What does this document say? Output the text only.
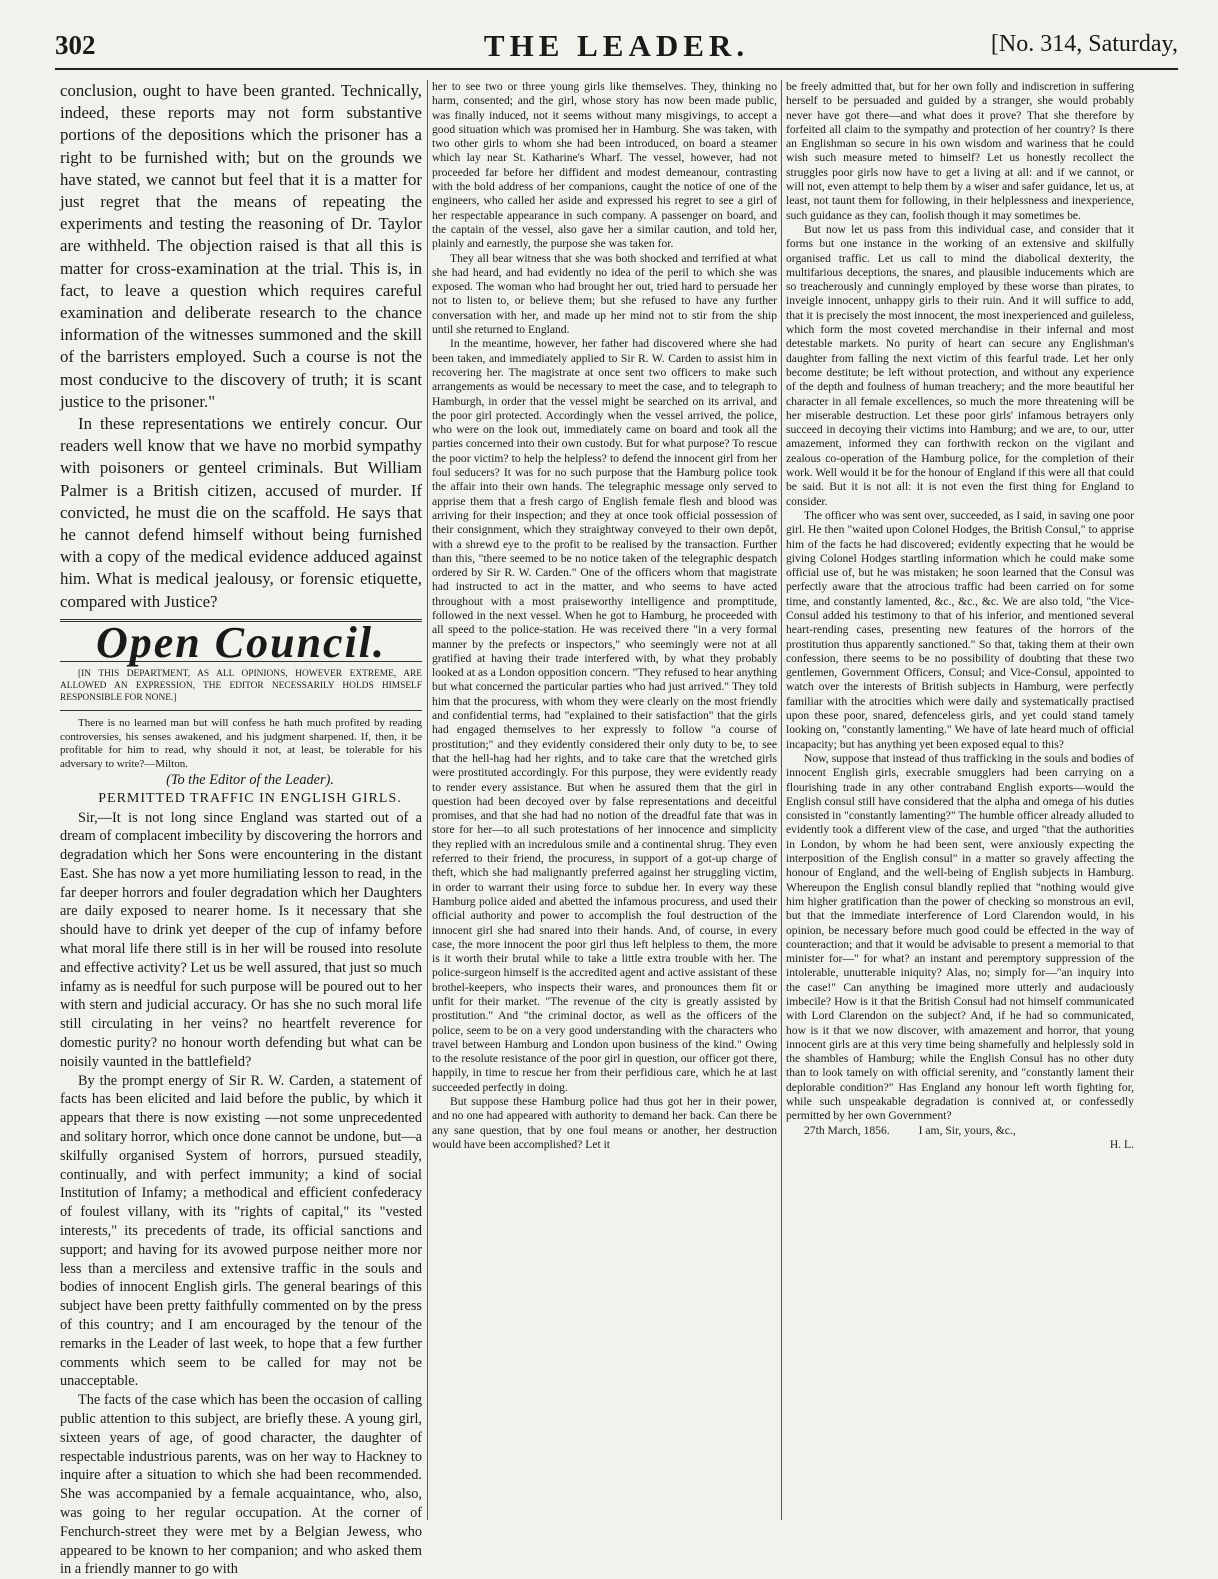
302	THE LEADER.	[No. 314, Saturday,

conclusion, ought to have been granted. Technically, indeed, these reports may not form substantive portions of the depositions which the prisoner has a right to be furnished with; but on the grounds we have stated, we cannot but feel that it is a matter for just regret that the means of repeating the experiments and testing the reasoning of Dr. Taylor are withheld. The objection raised is that all this is matter for cross-examination at the trial. This is, in fact, to leave a question which requires careful examination and deliberate research to the chance information of the witnesses summoned and the skill of the barristers employed. Such a course is not the most conducive to the discovery of truth; it is scant justice to the prisoner."

In these representations we entirely concur. Our readers well know that we have no morbid sympathy with poisoners or genteel criminals. But William Palmer is a British citizen, accused of murder. If convicted, he must die on the scaffold. He says that he cannot defend himself without being furnished with a copy of the medical evidence adduced against him. What is medical jealousy, or forensic etiquette, compared with Justice?

Open Council.

[IN THIS DEPARTMENT, AS ALL OPINIONS, HOWEVER EXTREME, ARE ALLOWED AN EXPRESSION, THE EDITOR NECESSARILY HOLDS HIMSELF RESPONSIBLE FOR NONE.]

There is no learned man but will confess he hath much profited by reading controversies, his senses awakened, and his judgment sharpened. If, then, it be profitable for him to read, why should it not, at least, be tolerable for his adversary to write?—Milton.

(To the Editor of the Leader).

PERMITTED TRAFFIC IN ENGLISH GIRLS.

Sir,—It is not long since England was started out of a dream of complacent imbecility by discovering the horrors and degradation which her Sons were encountering in the distant East. She has now a yet more humiliating lesson to read, in the far deeper horrors and fouler degradation which her Daughters are daily exposed to nearer home. Is it necessary that she should have to drink yet deeper of the cup of infamy before what moral life there still is in her will be roused into resolute and effective activity? Let us be well assured, that just so much infamy as is needful for such purpose will be poured out to her with stern and judicial accuracy. Or has she no such moral life still circulating in her veins? no heartfelt reverence for domestic purity? no honour worth defending but what can be noisily vaunted in the battlefield?

By the prompt energy of Sir R. W. Carden, a statement of facts has been elicited and laid before the public, by which it appears that there is now existing —not some unprecedented and solitary horror, which once done cannot be undone, but—a skilfully organised System of horrors, pursued steadily, continually, and with perfect immunity; a kind of social Institution of Infamy; a methodical and efficient confederacy of foulest villany, with its "rights of capital," its "vested interests," its precedents of trade, its official sanctions and support; and having for its avowed purpose neither more nor less than a merciless and extensive traffic in the souls and bodies of innocent English girls. The general bearings of this subject have been pretty faithfully commented on by the press of this country; and I am encouraged by the tenour of the remarks in the Leader of last week, to hope that a few further comments which seem to be called for may not be unacceptable.

The facts of the case which has been the occasion of calling public attention to this subject, are briefly these. A young girl, sixteen years of age, of good character, the daughter of respectable industrious parents, was on her way to Hackney to inquire after a situation to which she had been recommended. She was accompanied by a female acquaintance, who, also, was going to her regular occupation. At the corner of Fenchurch-street they were met by a Belgian Jewess, who appeared to be known to her companion; and who asked them in a friendly manner to go with

her to see two or three young girls like themselves. They, thinking no harm, consented; and the girl, whose story has now been made public, was finally induced, not it seems without many misgivings, to accept a good situation which was promised her in Hamburg. She was taken, with two other girls to whom she had been introduced, on board a steamer which lay near St. Katharine's Wharf. The vessel, however, had not proceeded far before her diffident and modest demeanour, contrasting with the bold address of her companions, caught the notice of one of the engineers, who called her aside and expressed his regret to see a girl of her respectable appearance in such company. A passenger on board, and the captain of the vessel, also gave her a similar caution, and told her, plainly and earnestly, the purpose she was taken for.

They all bear witness that she was both shocked and terrified at what she had heard, and had evidently no idea of the peril to which she was exposed. The woman who had brought her out, tried hard to persuade her not to listen to, or believe them; but she refused to have any further conversation with her, and made up her mind not to stir from the ship until she returned to England.

In the meantime, however, her father had discovered where she had been taken, and immediately applied to Sir R. W. Carden to assist him in recovering her. The magistrate at once sent two officers to make such arrangements as would be necessary to meet the case, and to telegraph to Hamburgh, in order that the vessel might be searched on its arrival, and the poor girl protected. Accordingly when the vessel arrived, the police, who were on the look out, immediately came on board and took all the parties concerned into their own custody. But for what purpose? To rescue the poor victim? to help the helpless? to defend the innocent girl from her foul seducers? It was for no such purpose that the Hamburg police took the affair into their own hands. The telegraphic message only served to apprise them that a fresh cargo of English female flesh and blood was arriving for their inspection; and they at once took official possession of their consignment, which they straightway conveyed to their own depôt, with a shrewd eye to the profit to be realised by the transaction. Further than this, "there seemed to be no notice taken of the telegraphic despatch ordered by Sir R. W. Carden." One of the officers whom that magistrate had instructed to act in the matter, and who seems to have acted throughout with a most praiseworthy intelligence and promptitude, followed in the next vessel. When he got to Hamburg, he proceeded with all speed to the police-station. He was received there "in a very formal manner by the prefects or inspectors," who seemingly were not at all gratified at having their trade interfered with, by what they probably looked at as a London opposition concern. "They refused to hear anything but what concerned the particular parties who had just arrived." They told him that the procuress, with whom they were clearly on the most friendly and confidential terms, had "explained to their satisfaction" that the girls had engaged themselves to her expressly to follow "a course of prostitution;" and they evidently considered their only duty to be, to see that the hell-hag had her rights, and to take care that the wretched girls were prostituted accordingly. For this purpose, they were evidently ready to render every assistance. But when he assured them that the girl in question had been decoyed over by false representations and deceitful promises, and that she had had no notion of the dreadful fate that was in store for her—to all such protestations of her innocence and simplicity they replied with an incredulous smile and a continental shrug. They even referred to their friend, the procuress, in support of a got-up charge of theft, which she had malignantly preferred against her struggling victim, in order to warrant their using force to subdue her. In every way these Hamburg police aided and abetted the infamous procuress, and used their official authority and power to accomplish the foul destruction of the innocent girl she had snared into their hands. And, of course, in every case, the more innocent the poor girl thus left helpless to them, the more is it worth their brutal while to take a little extra trouble with her. The police-surgeon himself is the accredited agent and active assistant of these brothel-keepers, who inspects their wares, and pronounces them fit or unfit for their market. "The revenue of the city is greatly assisted by prostitution." And "the criminal doctor, as well as the officers of the police, seem to be on a very good understanding with the characters who travel between Hamburg and London upon business of the kind." Owing to the resolute resistance of the poor girl in question, our officer got there, happily, in time to rescue her from their perfidious care, which he at last succeeded perfectly in doing.

But suppose these Hamburg police had thus got her in their power, and no one had appeared with authority to demand her back. Can there be any sane question, that by one foul means or another, her destruction would have been accomplished? Let it

be freely admitted that, but for her own folly and indiscretion in suffering herself to be persuaded and guided by a stranger, she would probably never have got there—and what does it prove? That she therefore by forfeited all claim to the sympathy and protection of her country? Is there an Englishman so secure in his own wisdom and wariness that he could wish such measure meted to himself? Let us honestly recollect the struggles poor girls now have to get a living at all: and if we cannot, or will not, even attempt to help them by a wiser and safer guidance, let us, at least, not taunt them for following, in their helplessness and inexperience, such guidance as they can, foolish though it may sometimes be.

But now let us pass from this individual case, and consider that it forms but one instance in the working of an extensive and skilfully organised traffic. Let us call to mind the diabolical dexterity, the multifarious deceptions, the snares, and plausible inducements which are so treacherously and cunningly employed by these worse than pirates, to inveigle innocent, unhappy girls to their ruin. And it will suffice to add, that it is precisely the most innocent, the most inexperienced and guileless, which form the most coveted merchandise in their infernal and most detestable markets. No purity of heart can secure any Englishman's daughter from falling the next victim of this fearful trade. Let her only become destitute; be left without protection, and without any experience of the depth and foulness of human treachery; and the more beautiful her character in all female excellences, so much the more threatening will be her miserable destruction. Let these poor girls' infamous betrayers only succeed in decoying their victims into Hamburg; and we are, to our, utter amazement, informed they can forthwith reckon on the vigilant and zealous co-operation of the Hamburg police, for the completion of their work. Well would it be for the honour of England if this were all that could be said. But it is not all: it is not even the first thing for England to consider.

The officer who was sent over, succeeded, as I said, in saving one poor girl. He then "waited upon Colonel Hodges, the British Consul," to apprise him of the facts he had discovered; evidently expecting that he would be giving Colonel Hodges startling information which he could make some official use of, but he was mistaken; he soon learned that the Consul was perfectly aware that the atrocious traffic had been carried on for some time, and constantly lamented, &c., &c., &c. We are also told, "the Vice-Consul added his testimony to that of his inferior, and mentioned several heart-rending cases, presenting new features of the horrors of the prostitution thus apparently sanctioned." So that, taking them at their own confession, there seems to be no possibility of doubting that these two gentlemen, Government Officers, Consul; and Vice-Consul, appointed to watch over the interests of British subjects in Hamburg, were perfectly familiar with the atrocities which were daily and systematically practised upon these poor, snared, defenceless girls, and yet could stand tamely looking on, "constantly lamenting." We have of late heard much of official incapacity; but has anything yet been exposed equal to this?

Now, suppose that instead of thus trafficking in the souls and bodies of innocent English girls, execrable smugglers had been carrying on a flourishing trade in any other contraband English exports—would the English consul still have considered that the alpha and omega of his duties consisted in "constantly lamenting?" The humble officer already alluded to evidently took a different view of the case, and urged "that the authorities in London, by whom he had been sent, were anxiously expecting the interposition of the English consul" in a matter so gravely affecting the honour of England, and the well-being of English subjects in Hamburg. Whereupon the English consul blandly replied that "nothing would give him higher gratification than the power of checking so monstrous an evil, but that the immediate interference of Lord Clarendon would, in his opinion, be necessary before much good could be effected in the way of counteraction; and that it would be advisable to present a memorial to that minister for—" for what? an instant and peremptory suppression of the intolerable, unutterable iniquity? Alas, no; simply for—"an inquiry into the case!" Can anything be imagined more utterly and audaciously imbecile? How is it that the British Consul had not himself communicated with Lord Clarendon on the subject? And, if he had so communicated, how is it that we now discover, with amazement and horror, that young innocent girls are at this very time being shamefully and helplessly sold in the shambles of Hamburg; while the English Consul has no other duty than to look tamely on with official serenity, and "constantly lament their deplorable condition?" Has England any honour left worth fighting for, while such unspeakable degradation is connived at, or confessedly permitted by her own Government?

27th March, 1856. I am, Sir, yours, &c.,

H. L.
